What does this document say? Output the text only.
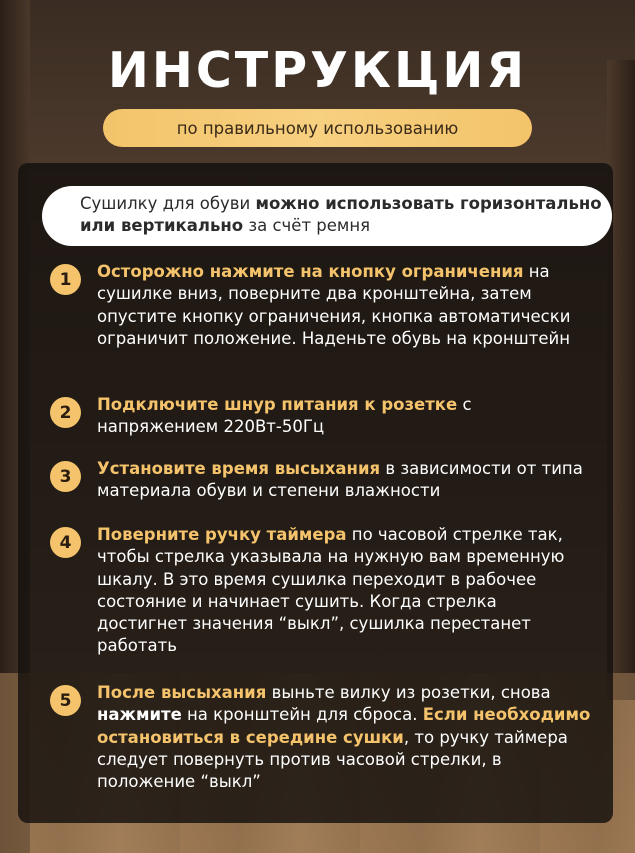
ИНСТРУКЦИЯ
по правильному использованию
Сушилку для обуви можно использовать горизонтально или вертикально за счёт ремня
1	Осторожно нажмите на кнопку ограничения на сушилке вниз, поверните два кронштейна, затем опустите кнопку ограничения, кнопка автоматически ограничит положение. Наденьте обувь на кронштейн
2	Подключите шнур питания к розетке с напряжением 220Вт-50Гц
3	Установите время высыхания в зависимости от типа материала обуви и степени влажности
4	Поверните ручку таймера по часовой стрелке так, чтобы стрелка указывала на нужную вам временную шкалу. В это время сушилка переходит в рабочее состояние и начинает сушить. Когда стрелка достигнет значения “выкл”, сушилка перестанет работать
5	После высыхания выньте вилку из розетки, снова нажмите на кронштейн для сброса. Если необходимо остановиться в середине сушки, то ручку таймера следует повернуть против часовой стрелки, в положение “выкл”
